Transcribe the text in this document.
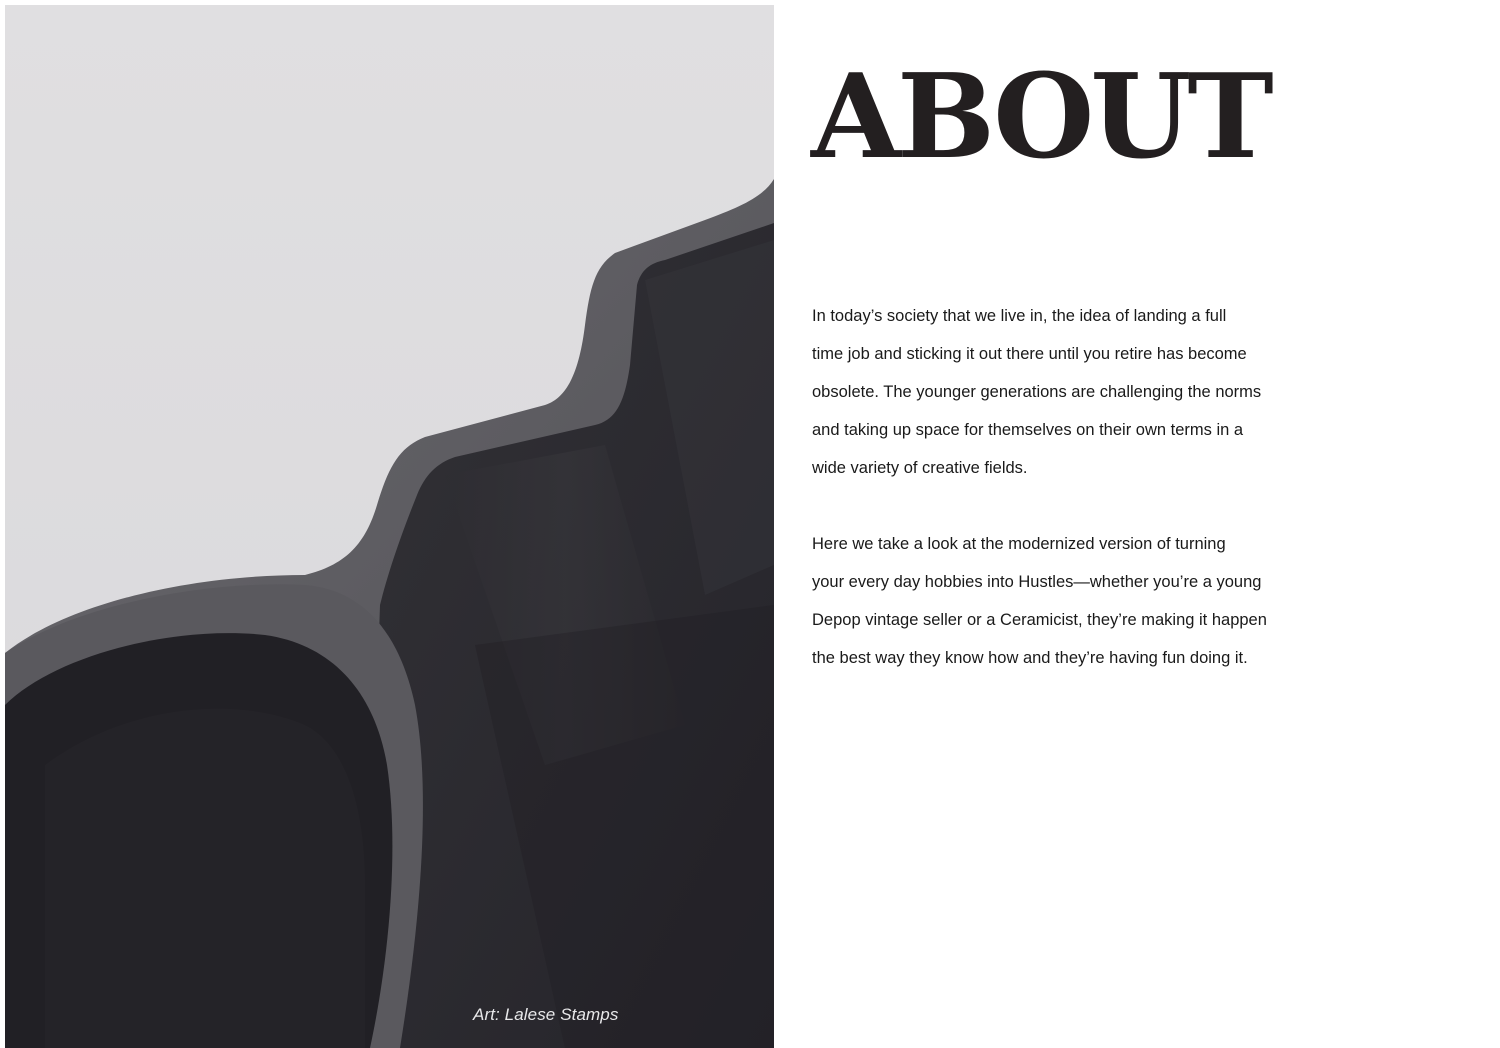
Art: Lalese Stamps
ABOUT
In today’s society that we live in, the idea of landing a full
time job and sticking it out there until you retire has become
obsolete. The younger generations are challenging the norms
and taking up space for themselves on their own terms in a
wide variety of creative fields.
Here we take a look at the modernized version of turning
your every day hobbies into Hustles—whether you’re a young
Depop vintage seller or a Ceramicist, they’re making it happen
the best way they know how and they’re having fun doing it.
